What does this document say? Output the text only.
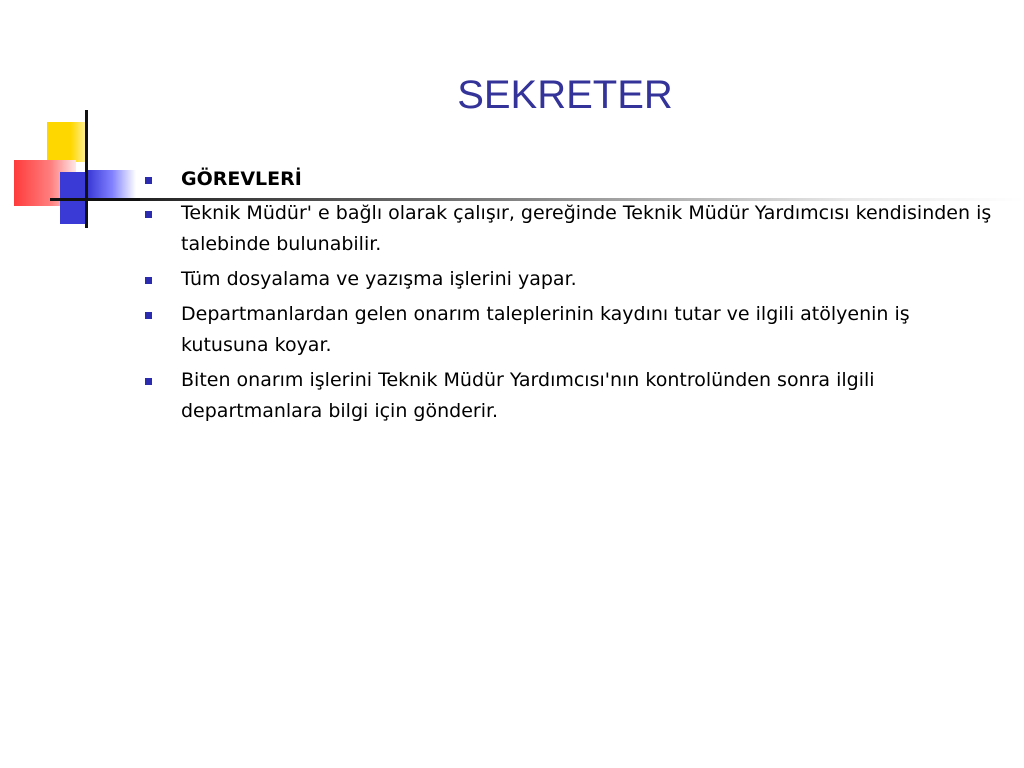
SEKRETER
GÖREVLERİ
Teknik Müdür' e bağlı olarak çalışır, gereğinde Teknik Müdür Yardımcısı kendisinden iş talebinde bulunabilir.
Tüm dosyalama ve yazışma işlerini yapar.
Departmanlardan gelen onarım taleplerinin kaydını tutar ve ilgili atölyenin iş kutusuna koyar.
Biten onarım işlerini Teknik Müdür Yardımcısı'nın kontrolünden sonra ilgili departmanlara bilgi için gönderir.
